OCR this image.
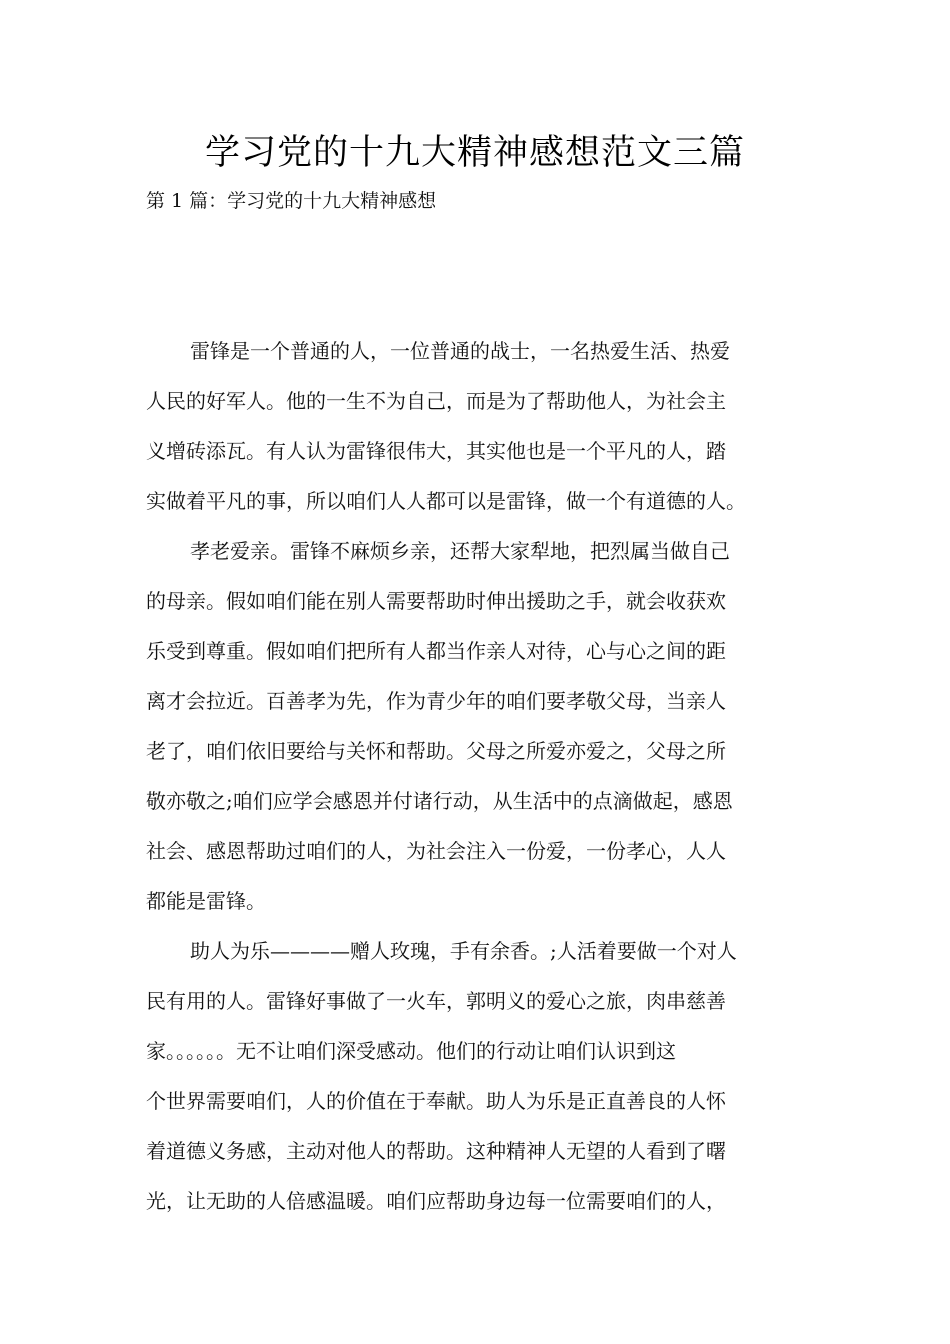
学习党的十九大精神感想范文三篇
第 1 篇：学习党的十九大精神感想
雷锋是一个普通的人，一位普通的战士，一名热爱生活、热爱
人民的好军人。他的一生不为自己，而是为了帮助他人，为社会主
义增砖添瓦。有人认为雷锋很伟大，其实他也是一个平凡的人，踏
实做着平凡的事，所以咱们人人都可以是雷锋，做一个有道德的人。
孝老爱亲。雷锋不麻烦乡亲，还帮大家犁地，把烈属当做自己
的母亲。假如咱们能在别人需要帮助时伸出援助之手，就会收获欢
乐受到尊重。假如咱们把所有人都当作亲人对待，心与心之间的距
离才会拉近。百善孝为先，作为青少年的咱们要孝敬父母，当亲人
老了，咱们依旧要给与关怀和帮助。父母之所爱亦爱之，父母之所
敬亦敬之;咱们应学会感恩并付诸行动，从生活中的点滴做起，感恩
社会、感恩帮助过咱们的人，为社会注入一份爱，一份孝心，人人
都能是雷锋。
助人为乐————赠人玫瑰，手有余香。;人活着要做一个对人
民有用的人。雷锋好事做了一火车，郭明义的爱心之旅，肉串慈善
家。。。。。。无不让咱们深受感动。他们的行动让咱们认识到这
个世界需要咱们，人的价值在于奉献。助人为乐是正直善良的人怀
着道德义务感，主动对他人的帮助。这种精神人无望的人看到了曙
光，让无助的人倍感温暖。咱们应帮助身边每一位需要咱们的人，
